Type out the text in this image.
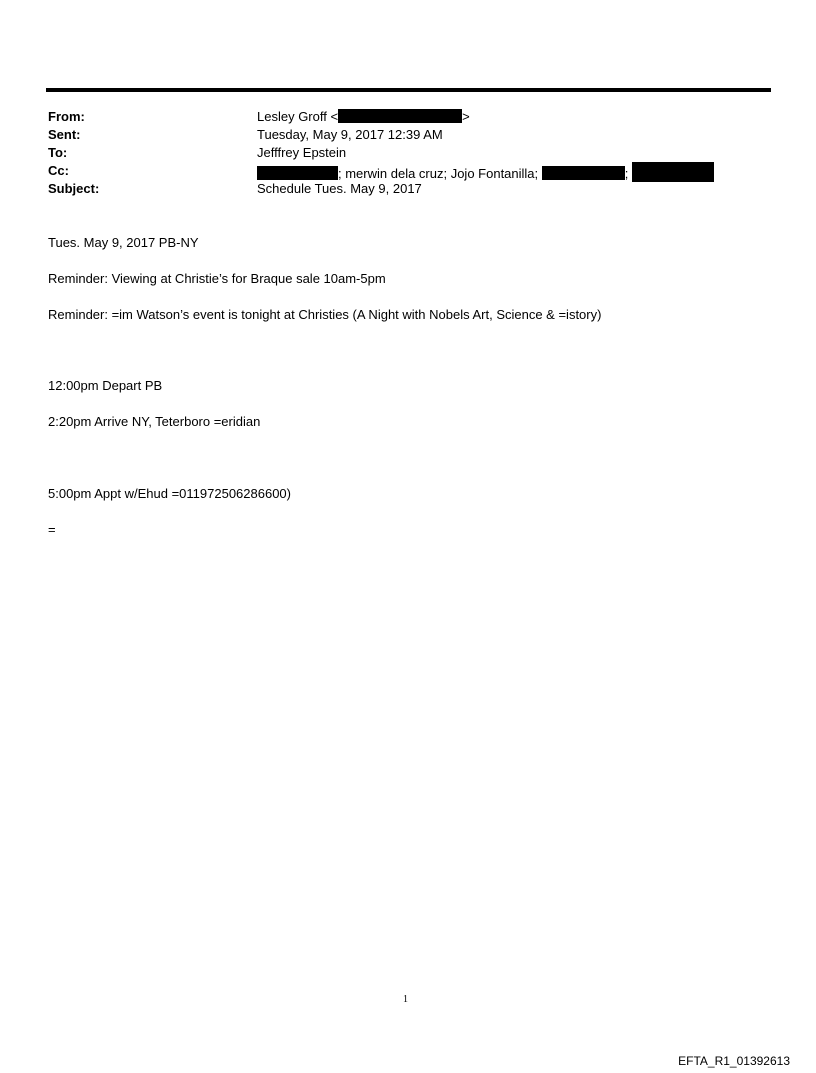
From:	Lesley Groff <	>
Sent:	Tuesday, May 9, 2017 12:39 AM
To:	Jefffrey Epstein
Cc:	; merwin dela cruz; Jojo Fontanilla;	;
Subject:	Schedule Tues. May 9, 2017
Tues. May 9, 2017 PB-NY
Reminder: Viewing at Christie’s for Braque sale 10am-5pm
Reminder: =im Watson’s event is tonight at Christies (A Night with Nobels Art, Science & =istory)
12:00pm Depart PB
2:20pm Arrive NY, Teterboro =eridian
5:00pm Appt w/Ehud =011972506286600)
=
1
EFTA_R1_01392613
